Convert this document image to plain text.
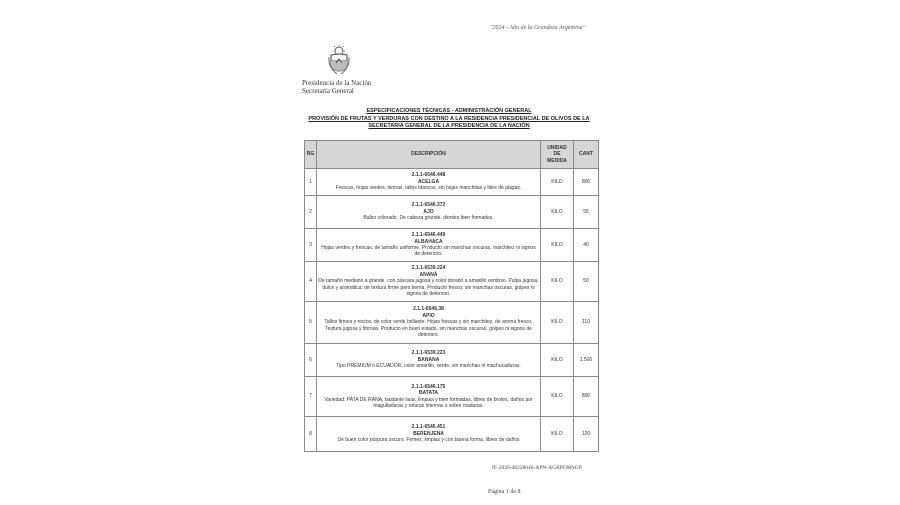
"2024 - Año de la Grandeza Argentina"
Presidencia de la Nación
Secretaría General
ESPECIFICACIONES TÉCNICAS - ADMINISTRACIÓN GENERAL
PROVISIÓN DE FRUTAS Y VERDURAS CON DESTINO A LA RESIDENCIA PRESIDENCIAL DE OLIVOS DE LA
SECRETARIA GENERAL DE LA PRESIDENCIA DE LA NACIÓN
RG	DESCRIPCIÓN	UNIDAD
DE
MEDIDA	CANT
1	2.1.1-6546.448
ACELGA
Frescas, hojas verdes, tiernas, tallos blancos, sin hojas manchitas y libre de plagas.	KILO	800
2	2.1.1-6546.372
AJO
Bulbo colorado. De cabeza grande, dientes bien formados.	KILO	55
3	2.1.1-6546.449
ALBAHACA
Hojas verdes y frescas, de tamaño uniforme. Producto sin manchas oscuras, marchitez ni signos de deterioro.	KILO	40
4	2.1.1-6539.224
ANANÁ
De tamaño mediano a grande, con cáscara jugosa y color dorado a amarillo verdoso. Pulpa jugosa, dulce y aromática; de textura firme pero tierna. Producto fresco, sin manchas oscuras, golpes ni signos de deterioro.	KILO	50
5	2.1.1-6546.38
APIO
Tallos firmes y rectos, de color verde brillante. Hojas frescas y sin marchitez, de aroma fresco. Textura jugosa y fibrosa. Producto en buen estado, sin manchas oscuras, golpes ni signos de deterioro.	KILO	110
6	2.1.1-6539.223
BANANA
Tipo PREMIUM o ECUADOR, color amarillo, verde, sin manchas ni machucaduras.	KILO	1.500
7	2.1.1-6546.175
BATATA
Variedad: PATA DE RANA, bastante lisas, limpias y bien formadas, libres de brotes, daños por magulladuras y roturas internas o sobre maduras.	KILO	800
8	2.1.1-6546.451
BERENJENA
De buen color púrpura oscuro. Firmes, limpias y con buena forma, libres de daños	KILO	120
IF-2026-48228046-APN-AGRPOMSGP
Página 1 de 8
